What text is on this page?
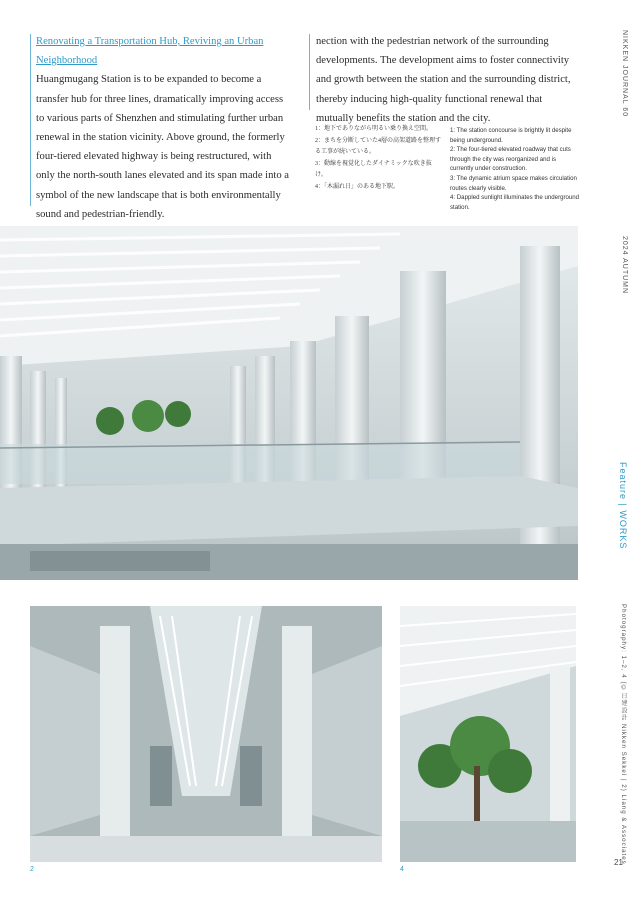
Renovating a Transportation Hub, Reviving an Urban Neighborhood
Huangmugang Station is to be expanded to become a transfer hub for three lines, dramatically improving access to various parts of Shenzhen and stimulating further urban renewal in the station vicinity. Above ground, the formerly four-tiered elevated highway is being restructured, with only the north-south lanes elevated and its span made into a symbol of the new landscape that is both environmentally sound and pedestrian-friendly.
nection with the pedestrian network of the surrounding developments. The development aims to foster connectivity and growth between the station and the surrounding district, thereby inducing high-quality functional renewal that mutually benefits the station and the city.

1：地下でありながら明るい乗り換え空間。

2：まちを分断していた4層の高架道路を整理する工事が続いている。

3：動線を視覚化したダイナミックな吹き抜け。

4：「木漏れ日」のある地下駅。

1: The station concourse is brightly lit despite being underground.

2: The four-tiered elevated roadway that cuts through the city was reorganized and is currently under construction.

3: The dynamic atrium space makes circulation routes clearly visible.

4: Dappled sunlight illuminates the underground station.

2	4
NIKKEN JOURNAL 60
2024 AUTUMN
Feature | WORKS
Photography: 1–2, 4 (©日建設計 Nikken Sekkei | 2) Liang & Associates
21
